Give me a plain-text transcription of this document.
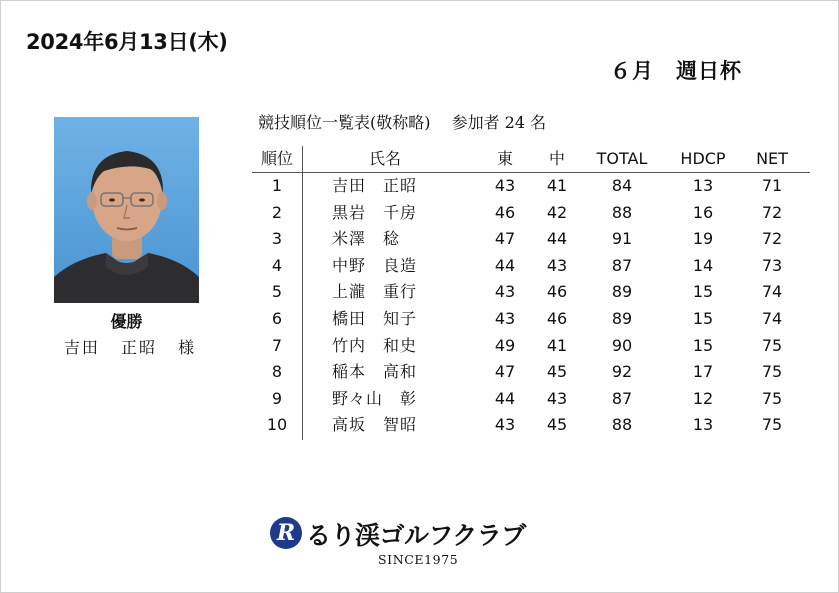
2024年6月13日(木)
６月　週日杯
優勝
吉田 正昭 様
競技順位一覧表(敬称略)　 参加者 24 名
順位	氏名	東	中	TOTAL	HDCP	NET
1	吉田　正昭	43	41	84	13	71
2	黒岩　千房	46	42	88	16	72
3	米澤　稔	47	44	91	19	72
4	中野　良造	44	43	87	14	73
5	上瀧　重行	43	46	89	15	74
6	橋田　知子	43	46	89	15	74
7	竹内　和史	49	41	90	15	75
8	稲本　高和	47	45	92	17	75
9	野々山　彰	44	43	87	12	75
10	高坂　智昭	43	45	88	13	75
R るり渓ゴルフクラブ
SINCE1975
